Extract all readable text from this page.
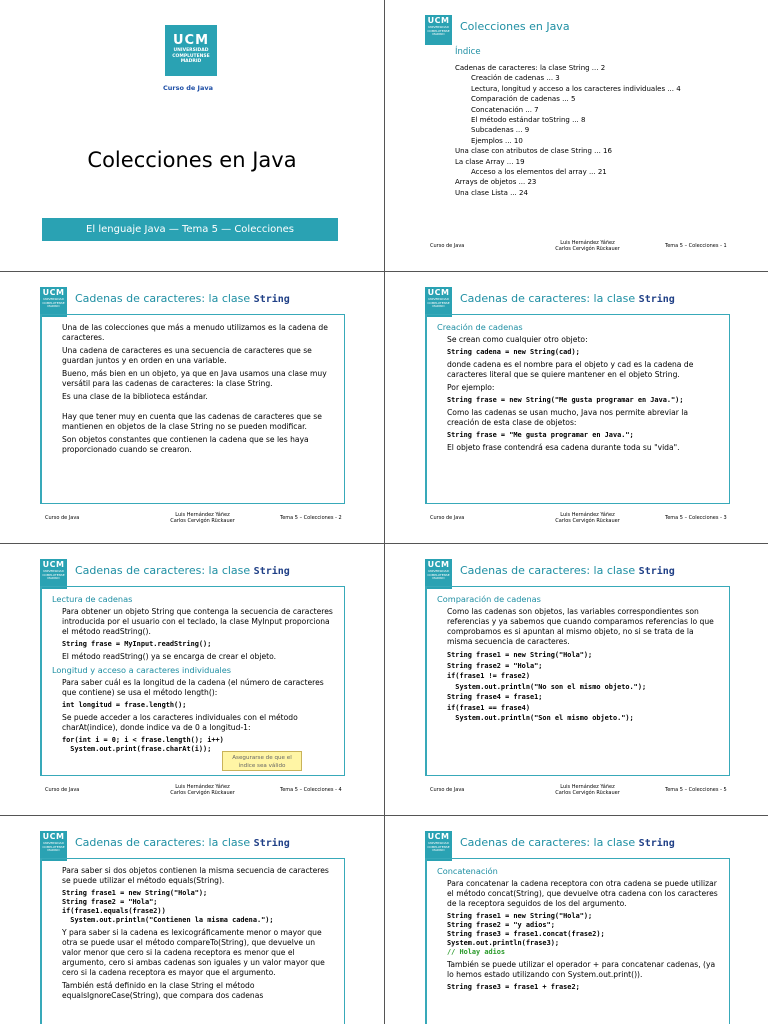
UCM
UNIVERSIDAD
COMPLUTENSE
MADRID
Curso de Java
Colecciones en Java
El lenguaje Java — Tema 5 — Colecciones
UCM
UNIVERSIDAD
COMPLUTENSE
MADRID
Colecciones en Java
Índice
Cadenas de caracteres: la clase String ... 2
Creación de cadenas ... 3
Lectura, longitud y acceso a los caracteres individuales ... 4
Comparación de cadenas ... 5
Concatenación ... 7
El método estándar toString ... 8
Subcadenas ... 9
Ejemplos ... 10
Una clase con atributos de clase String ... 16
La clase Array ... 19
Acceso a los elementos del array ... 21
Arrays de objetos ... 23
Una clase Lista ... 24
Curso de Java	Luis Hernández Yáñez
Carlos Cervigón Rückauer	Tema 5 – Colecciones - 1
UCM
UNIVERSIDAD
COMPLUTENSE
MADRID
Cadenas de caracteres: la clase String
Una de las colecciones que más a menudo utilizamos es la cadena de caracteres.
Una cadena de caracteres es una secuencia de caracteres que se guardan juntos y en orden en una variable.
Bueno, más bien en un objeto, ya que en Java usamos una clase muy versátil para las cadenas de caracteres: la clase String.
Es una clase de la biblioteca estándar.
Hay que tener muy en cuenta que las cadenas de caracteres que se mantienen en objetos de la clase String no se pueden modificar.
Son objetos constantes que contienen la cadena que se les haya proporcionado cuando se crearon.
Curso de Java	Luis Hernández Yáñez
Carlos Cervigón Rückauer	Tema 5 – Colecciones - 2
UCM
UNIVERSIDAD
COMPLUTENSE
MADRID
Cadenas de caracteres: la clase String
Creación de cadenas
Se crean como cualquier otro objeto:
String cadena = new String(cad);
donde cadena es el nombre para el objeto y cad es la cadena de caracteres literal que se quiere mantener en el objeto String.
Por ejemplo:
String frase = new String("Me gusta programar en Java.");
Como las cadenas se usan mucho, Java nos permite abreviar la creación de esta clase de objetos:
String frase = "Me gusta programar en Java.";
El objeto frase contendrá esa cadena durante toda su "vida".
Curso de Java	Luis Hernández Yáñez
Carlos Cervigón Rückauer	Tema 5 – Colecciones - 3
UCM
UNIVERSIDAD
COMPLUTENSE
MADRID
Cadenas de caracteres: la clase String
Lectura de cadenas
Para obtener un objeto String que contenga la secuencia de caracteres introducida por el usuario con el teclado, la clase MyInput proporciona el método readString().
String frase = MyInput.readString();
El método readString() ya se encarga de crear el objeto.
Longitud y acceso a caracteres individuales
Para saber cuál es la longitud de la cadena (el número de caracteres que contiene) se usa el método length():
int longitud = frase.length();
Se puede acceder a los caracteres individuales con el método charAt(indice), donde indice va de 0 a longitud-1:
for(int i = 0; i < frase.length(); i++)
System.out.print(frase.charAt(i));
Asegurarse de que el índice sea válido
Curso de Java	Luis Hernández Yáñez
Carlos Cervigón Rückauer	Tema 5 – Colecciones - 4
UCM
UNIVERSIDAD
COMPLUTENSE
MADRID
Cadenas de caracteres: la clase String
Comparación de cadenas
Como las cadenas son objetos, las variables correspondientes son referencias y ya sabemos que cuando comparamos referencias lo que comprobamos es si apuntan al mismo objeto, no si se trata de la misma secuencia de caracteres.
String frase1 = new String("Hola");
String frase2 = "Hola";
if(frase1 != frase2)
System.out.println("No son el mismo objeto.");
String frase4 = frase1;
if(frase1 == frase4)
System.out.println("Son el mismo objeto.");
Curso de Java	Luis Hernández Yáñez
Carlos Cervigón Rückauer	Tema 5 – Colecciones - 5
UCM
UNIVERSIDAD
COMPLUTENSE
MADRID
Cadenas de caracteres: la clase String
Para saber si dos objetos contienen la misma secuencia de caracteres se puede utilizar el método equals(String).
String frase1 = new String("Hola");
String frase2 = "Hola";
if(frase1.equals(frase2))
System.out.println("Contienen la misma cadena.");
Y para saber si la cadena es lexicográficamente menor o mayor que otra se puede usar el método compareTo(String), que devuelve un valor menor que cero si la cadena receptora es menor que el argumento, cero si ambas cadenas son iguales y un valor mayor que cero si la cadena receptora es mayor que el argumento.
También está definido en la clase String el método equalsIgnoreCase(String), que compara dos cadenas
UCM
UNIVERSIDAD
COMPLUTENSE
MADRID
Cadenas de caracteres: la clase String
Concatenación
Para concatenar la cadena receptora con otra cadena se puede utilizar el método concat(String), que devuelve otra cadena con los caracteres de la receptora seguidos de los del argumento.
String frase1 = new String("Hola");
String frase2 = "y adios";
String frase3 = frase1.concat(frase2);
System.out.println(frase3);
// Holay adios
También se puede utilizar el operador + para concatenar cadenas, (ya lo hemos estado utilizando con System.out.print()).
String frase3 = frase1 + frase2;
